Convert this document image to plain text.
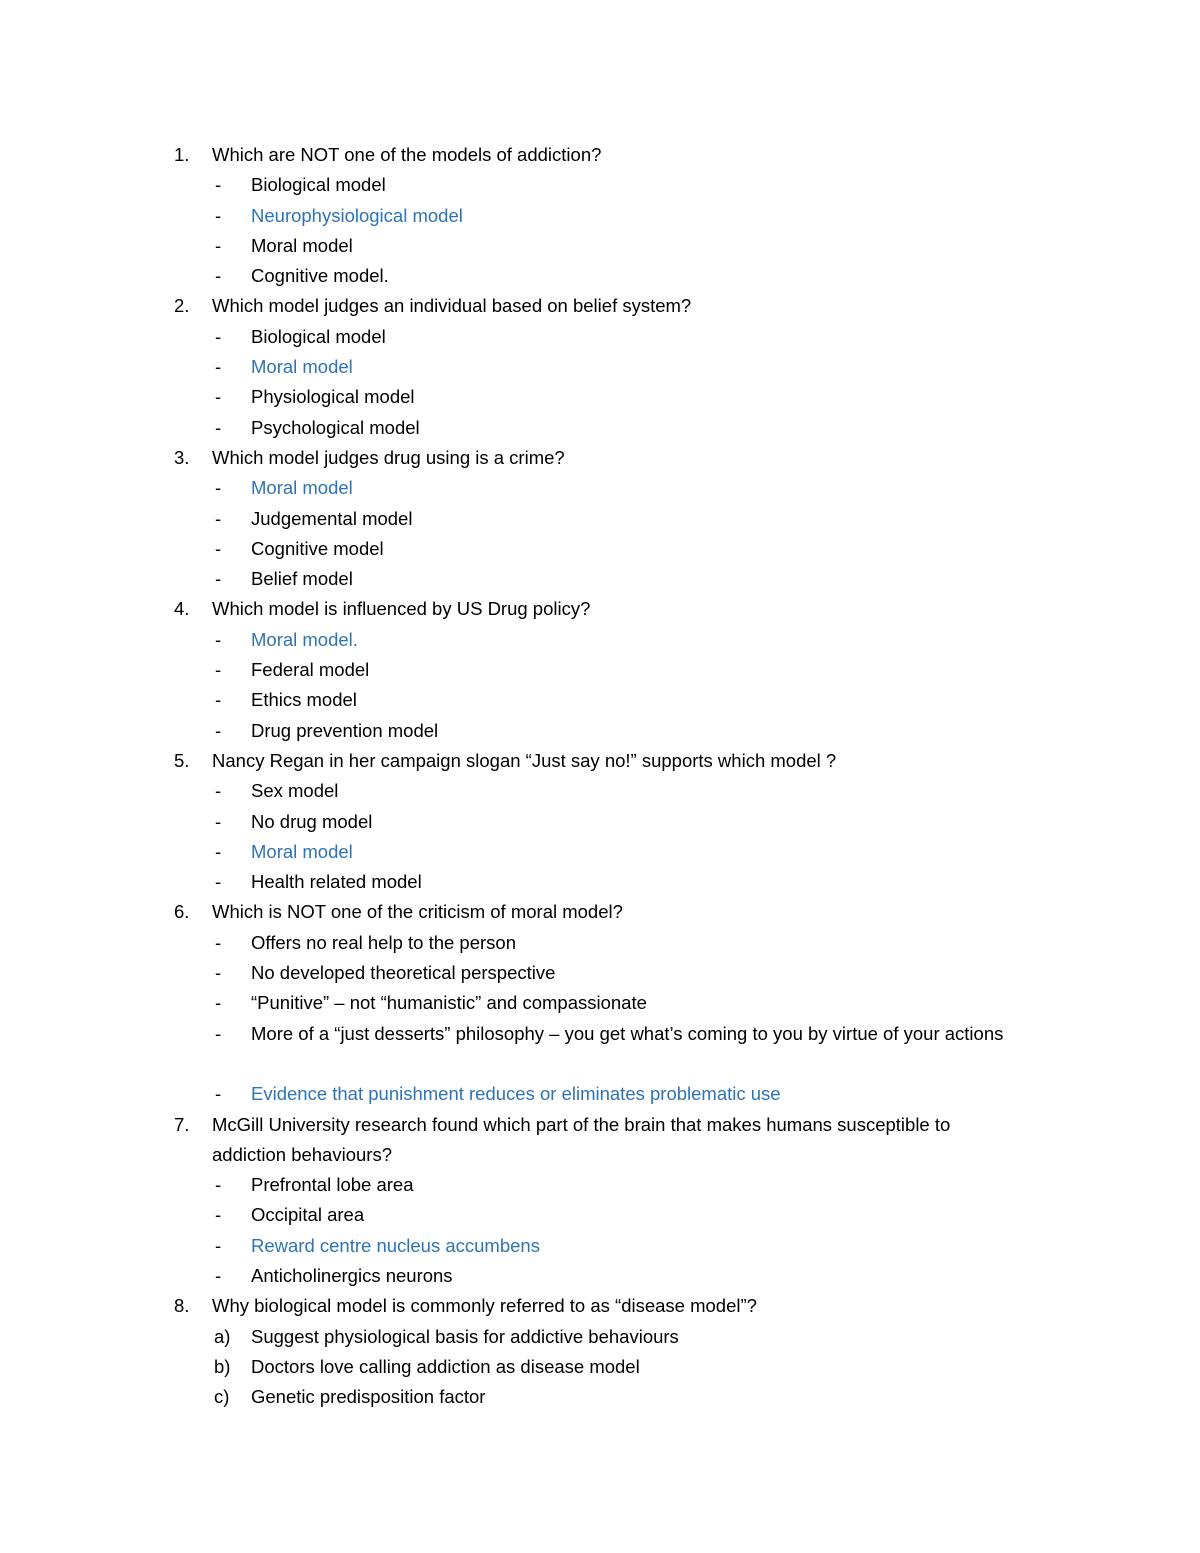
1. Which are NOT one of the models of addiction?
- Biological model
- Neurophysiological model
- Moral model
- Cognitive model.
2. Which model judges an individual based on belief system?
- Biological model
- Moral model
- Physiological model
- Psychological model
3. Which model judges drug using is a crime?
- Moral model
- Judgemental model
- Cognitive model
- Belief model
4. Which model is influenced by US Drug policy?
- Moral model.
- Federal model
- Ethics model
- Drug prevention model
5. Nancy Regan in her campaign slogan “Just say no!” supports which model ?
- Sex model
- No drug model
- Moral model
- Health related model
6. Which is NOT one of the criticism of moral model?
- Offers no real help to the person
- No developed theoretical perspective
- “Punitive” – not “humanistic” and compassionate
- More of a “just desserts” philosophy – you get what’s coming to you by virtue of your actions
- Evidence that punishment reduces or eliminates problematic use
7. McGill University research found which part of the brain that makes humans susceptible to addiction behaviours?
- Prefrontal lobe area
- Occipital area
- Reward centre nucleus accumbens
- Anticholinergics neurons
8. Why biological model is commonly referred to as “disease model”?
a) Suggest physiological basis for addictive behaviours
b) Doctors love calling addiction as disease model
c) Genetic predisposition factor
